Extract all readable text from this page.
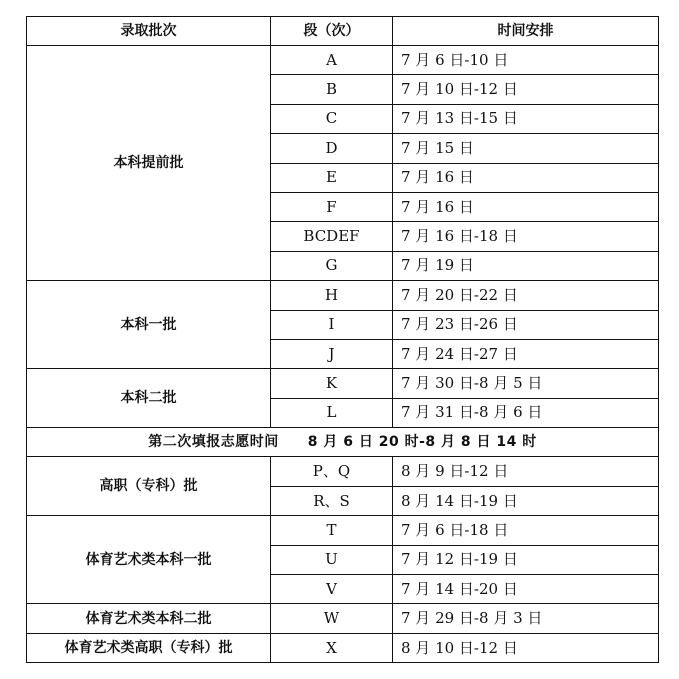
录取批次	段（次）	时间安排
本科提前批	A	7 月 6 日-10 日
	B	7 月 10 日-12 日
	C	7 月 13 日-15 日
	D	7 月 15 日
	E	7 月 16 日
	F	7 月 16 日
	BCDEF	7 月 16 日-18 日
	G	7 月 19 日
本科一批	H	7 月 20 日-22 日
	I	7 月 23 日-26 日
	J	7 月 24 日-27 日
本科二批	K	7 月 30 日-8 月 5 日
	L	7 月 31 日-8 月 6 日
第二次填报志愿时间　　8 月 6 日 20 时-8 月 8 日 14 时		
高职（专科）批	P、Q	8 月 9 日-12 日
	R、S	8 月 14 日-19 日
体育艺术类本科一批	T	7 月 6 日-18 日
	U	7 月 12 日-19 日
	V	7 月 14 日-20 日
体育艺术类本科二批	W	7 月 29 日-8 月 3 日
体育艺术类高职（专科）批	X	8 月 10 日-12 日
